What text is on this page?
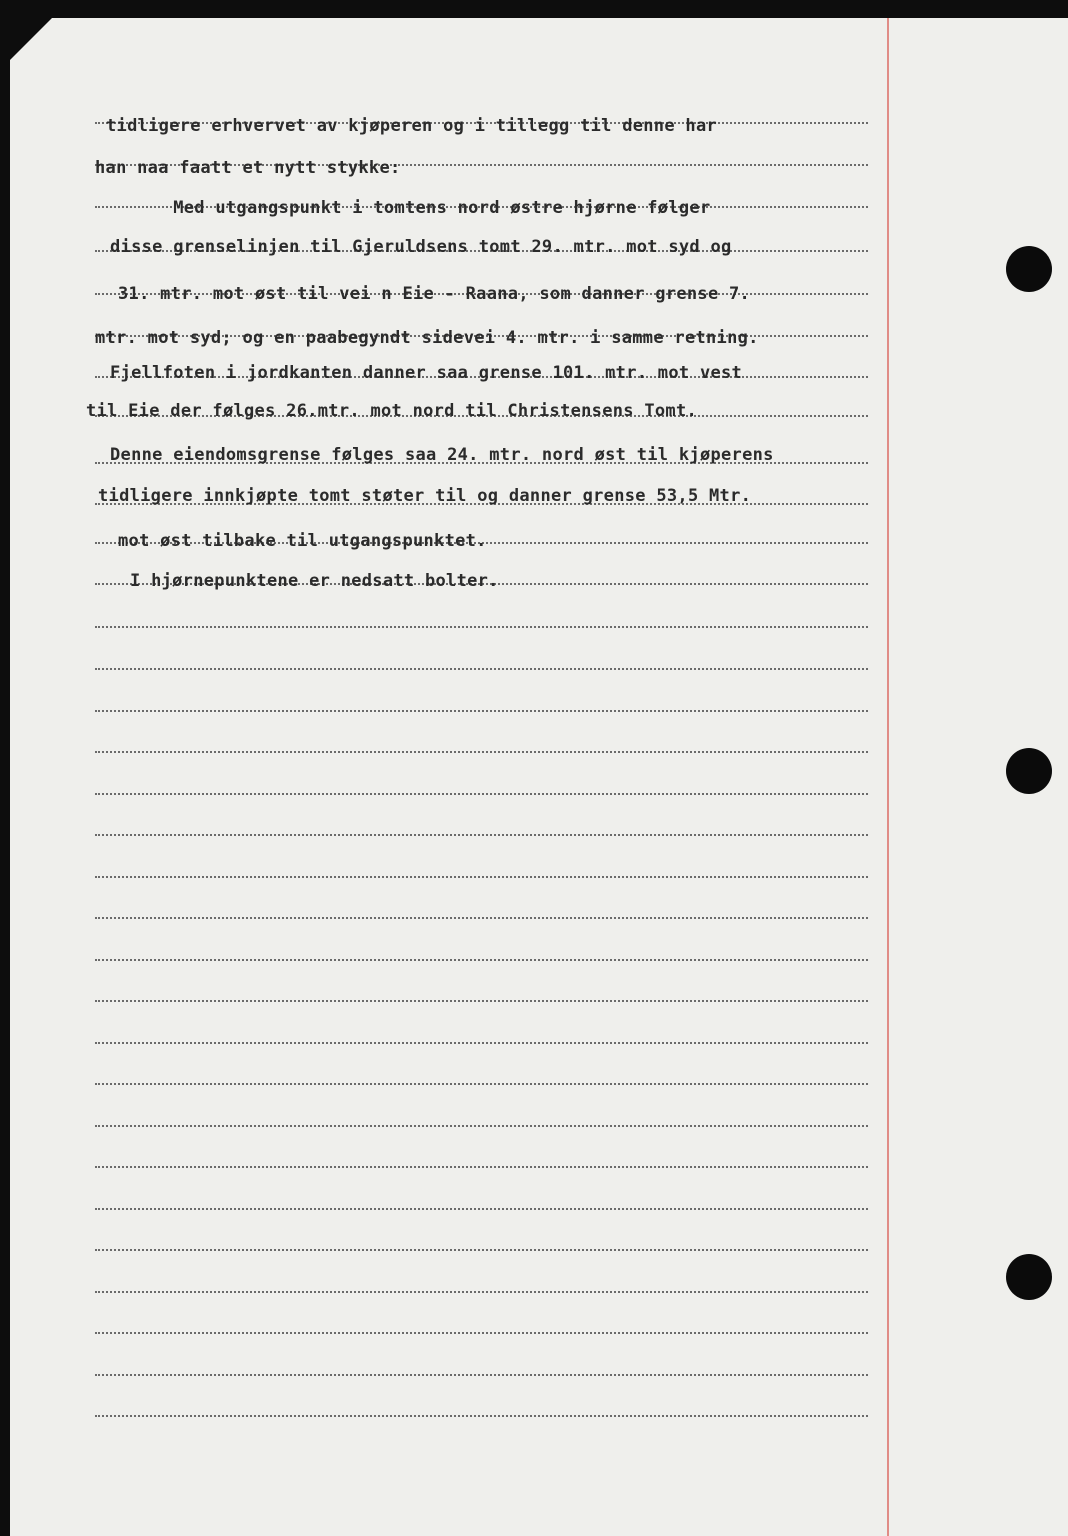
tidligere erhvervet av kjøperen og i tillegg til denne har

han naa faatt et nytt stykke:

Med utgangspunkt i tomtens nord østre hjørne følger

disse grenselinjen til Gjeruldsens tomt 29. mtr. mot syd og

31. mtr. mot øst til vei n Eie - Raana, som danner grense 7.

mtr. mot syd; og en paabegyndt sidevei 4. mtr. i samme retning.

Fjellfoten i jordkanten danner saa grense 101. mtr. mot vest

til Eie der følges 26.mtr. mot nord til Christensens Tomt.

Denne eiendomsgrense følges saa 24. mtr. nord øst til kjøperens

tidligere innkjøpte tomt støter til og danner grense 53,5 Mtr.

mot øst tilbake til utgangspunktet.

I hjørnepunktene er nedsatt bolter.
